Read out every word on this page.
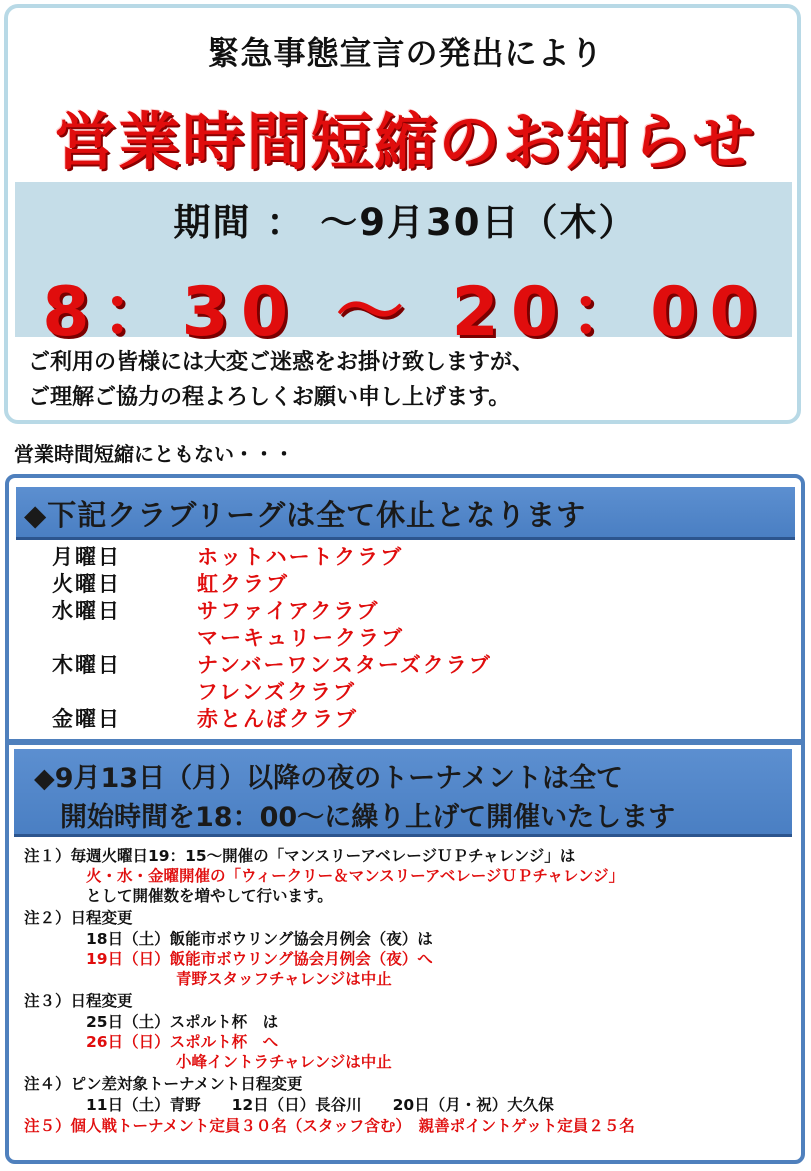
緊急事態宣言の発出により
営業時間短縮のお知らせ
期間 ： ～9月30日（木）
8：30 ～ 20：00
ご利用の皆様には大変ご迷惑をお掛け致しますが、
ご理解ご協力の程よろしくお願い申し上げます。
営業時間短縮にともない・・・
◆下記クラブリーグは全て休止となります
月曜日	ホットハートクラブ
火曜日	虹クラブ
水曜日	サファイアクラブ
マーキュリークラブ
木曜日	ナンバーワンスターズクラブ
フレンズクラブ
金曜日	赤とんぼクラブ
◆9月13日（月）以降の夜のトーナメントは全て
開始時間を18：00～に繰り上げて開催いたします
注１）毎週火曜日19：15～開催の「マンスリーアベレージＵＰチャレンジ」は
火・水・金曜開催の「ウィークリー＆マンスリーアベレージＵＰチャレンジ」
として開催数を増やして行います。
注２）日程変更
18日（土）飯能市ボウリング協会月例会（夜）は
19日（日）飯能市ボウリング協会月例会（夜）へ
青野スタッフチャレンジは中止
注３）日程変更
25日（土）スポルト杯　は
26日（日）スポルト杯　へ
小峰イントラチャレンジは中止
注４）ピン差対象トーナメント日程変更
11日（土）青野　　12日（日）長谷川　　20日（月・祝）大久保
注５）個人戦トーナメント定員３０名（スタッフ含む）　親善ポイントゲット定員２５名
